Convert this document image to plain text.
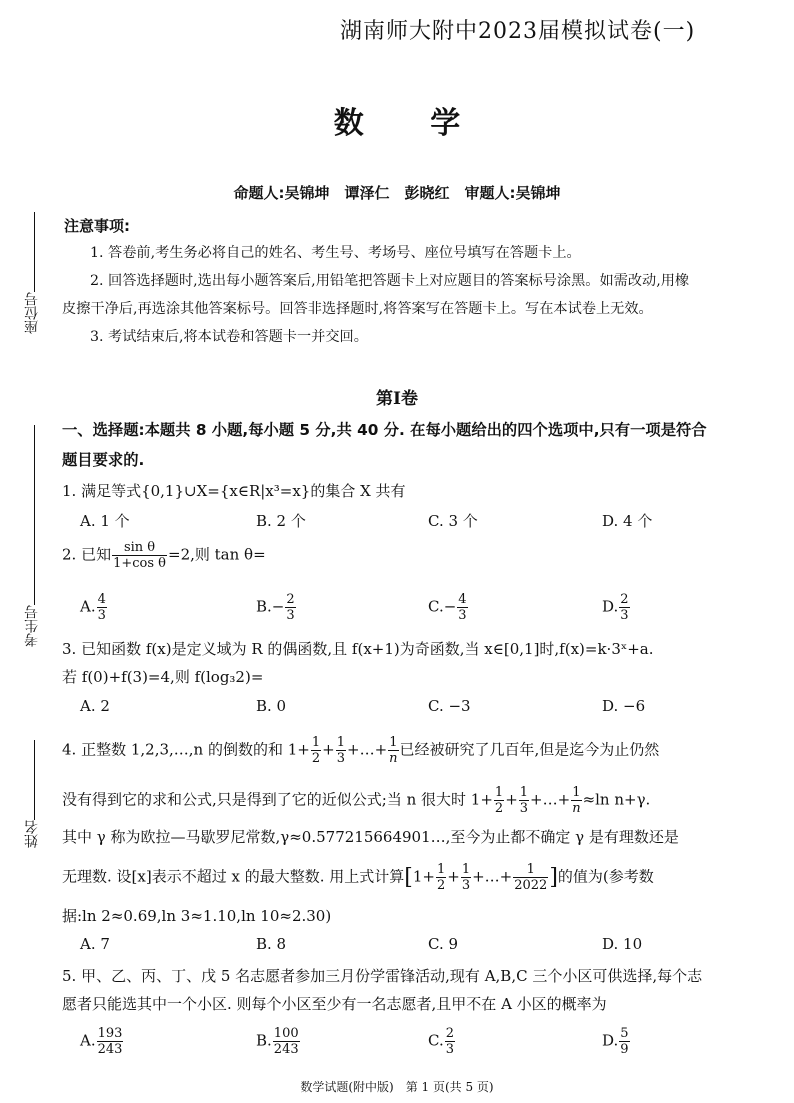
湖南师大附中2023届模拟试卷(一)
数 学
命题人:吴锦坤　谭泽仁　彭晓红　审题人:吴锦坤
注意事项:
1. 答卷前,考生务必将自己的姓名、考生号、考场号、座位号填写在答题卡上。
2. 回答选择题时,选出每小题答案后,用铅笔把答题卡上对应题目的答案标号涂黑。如需改动,用橡
皮擦干净后,再选涂其他答案标号。回答非选择题时,将答案写在答题卡上。写在本试卷上无效。
3. 考试结束后,将本试卷和答题卡一并交回。
座位号
考生号
姓名
第Ⅰ卷
一、选择题:本题共 8 小题,每小题 5 分,共 40 分. 在每小题给出的四个选项中,只有一项是符合
题目要求的.
1. 满足等式{0,1}∪X={x∈R|x³=x}的集合 X 共有
A. 1 个	B. 2 个	C. 3 个	D. 4 个
2. 已知 $\frac{\text{sin θ}}{\text{1+cos θ}} =2$,则 tan θ=
A. $\frac{4}{3}$	$B.- \frac{2}{3}$	$C.- \frac{4}{3}$	D. $\frac{2}{3}$
3. 已知函数 f(x)是定义域为 R 的偶函数,且 f(x+1)为奇函数,当 x∈[0,1]时,f(x)=k·3ˣ+a.
若 f(0)+f(3)=4,则 f(log₃2)=
A. 2	B. 0	C. −3	D. −6
4. 正整数 1,2,3,…,n 的倒数的和 $1+ \frac{1}{2} + \frac{1}{3}$ +…+ $\frac{1}{n}$ 已经被研究了几百年,但是迄今为止仍然
没有得到它的求和公式,只是得到了它的近似公式;当 n 很大时 $1+ \frac{1}{2} + \frac{1}{3}$ +…+ $\frac{1}{n} \approx\ln$ n+γ.
其中 γ 称为欧拉—马歇罗尼常数,γ≈0.577215664901…,至今为止都不确定 γ 是有理数还是
无理数. 设[x]表示不超过 x 的最大整数. 用上式计算[$1+ \frac{1}{2} + \frac{1}{3}$ +…+ $\frac{1}{2022}$ ]的值为(参考数
据:ln 2≈0.69,ln 3≈1.10,ln 10≈2.30)
A. 7	B. 8	C. 9	D. 10
5. 甲、乙、丙、丁、戊 5 名志愿者参加三月份学雷锋活动,现有 A,B,C 三个小区可供选择,每个志
愿者只能选其中一个小区. 则每个小区至少有一名志愿者,且甲不在 A 小区的概率为
A. $\frac{193}{243}$	B. $\frac{100}{243}$	C. $\frac{2}{3}$	D. $\frac{5}{9}$
数学试题(附中版)　第 1 页(共 5 页)
